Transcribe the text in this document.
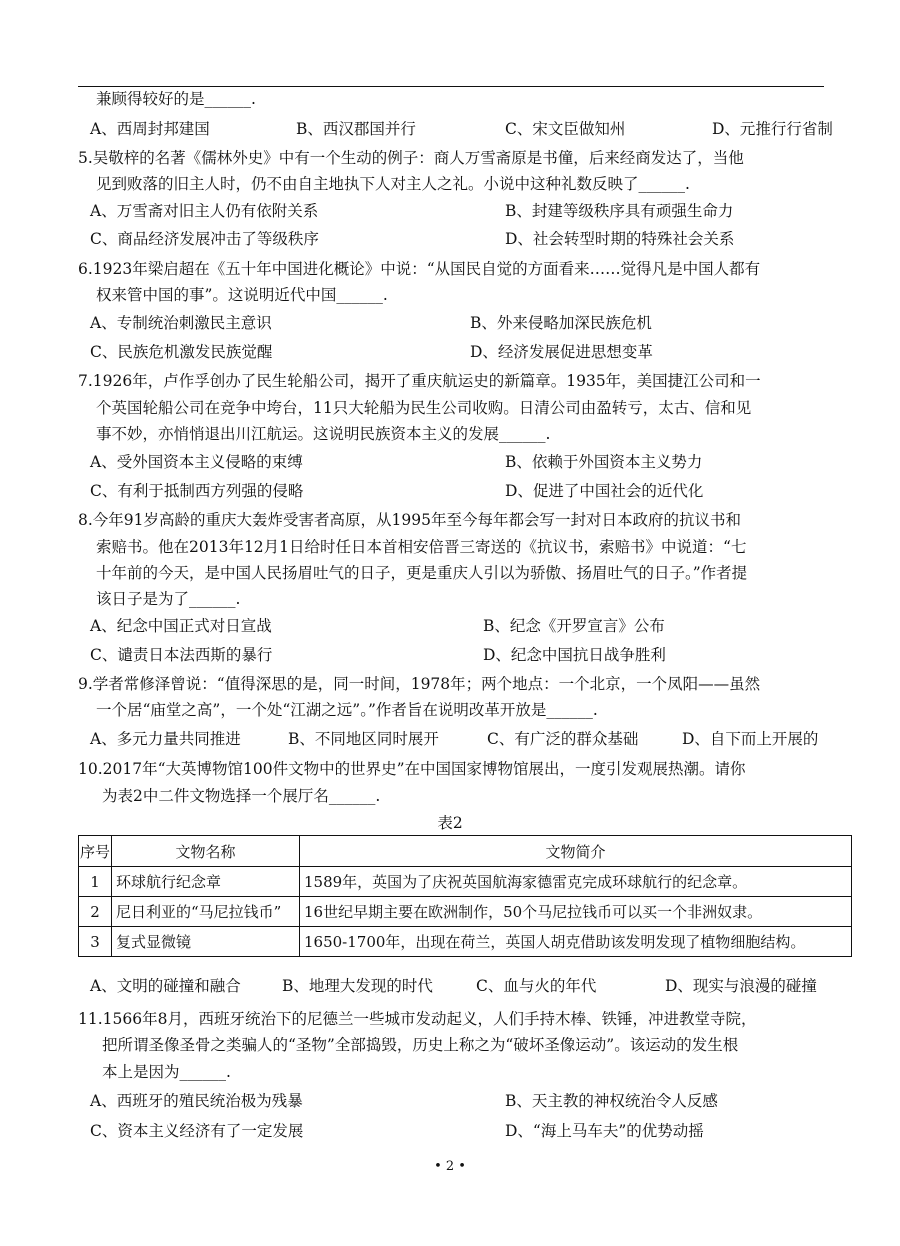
兼顾得较好的是______.
A、西周封邦建国	B、西汉郡国并行	C、宋文臣做知州	D、元推行行省制
5.吴敬梓的名著《儒林外史》中有一个生动的例子：商人万雪斋原是书僮，后来经商发达了，当他
见到败落的旧主人时，仍不由自主地执下人对主人之礼。小说中这种礼数反映了______.
A、万雪斋对旧主人仍有依附关系	B、封建等级秩序具有顽强生命力
C、商品经济发展冲击了等级秩序	D、社会转型时期的特殊社会关系
6.1923年梁启超在《五十年中国进化概论》中说：“从国民自觉的方面看来……觉得凡是中国人都有
权来管中国的事”。这说明近代中国______.
A、专制统治刺激民主意识	B、外来侵略加深民族危机
C、民族危机激发民族觉醒	D、经济发展促进思想变革
7.1926年，卢作孚创办了民生轮船公司，揭开了重庆航运史的新篇章。1935年，美国捷江公司和一
个英国轮船公司在竞争中垮台，11只大轮船为民生公司收购。日清公司由盈转亏，太古、信和见
事不妙，亦悄悄退出川江航运。这说明民族资本主义的发展______.
A、受外国资本主义侵略的束缚	B、依赖于外国资本主义势力
C、有利于抵制西方列强的侵略	D、促进了中国社会的近代化
8.今年91岁高龄的重庆大轰炸受害者高原，从1995年至今每年都会写一封对日本政府的抗议书和
索赔书。他在2013年12月1日给时任日本首相安倍晋三寄送的《抗议书，索赔书》中说道：“七
十年前的今天，是中国人民扬眉吐气的日子，更是重庆人引以为骄傲、扬眉吐气的日子。”作者提
该日子是为了______.
A、纪念中国正式对日宣战	B、纪念《开罗宣言》公布
C、谴责日本法西斯的暴行	D、纪念中国抗日战争胜利
9.学者常修泽曾说：“值得深思的是，同一时间，1978年；两个地点：一个北京，一个凤阳——虽然
一个居“庙堂之高”，一个处“江湖之远”。”作者旨在说明改革开放是______.
A、多元力量共同推进	B、不同地区同时展开	C、有广泛的群众基础	D、自下而上开展的
10.2017年“大英博物馆100件文物中的世界史”在中国国家博物馆展出，一度引发观展热潮。请你
为表2中二件文物选择一个展厅名______.
表2
序号	文物名称	文物简介
1	环球航行纪念章	1589年，英国为了庆祝英国航海家德雷克完成环球航行的纪念章。
2	尼日利亚的“马尼拉钱币”	16世纪早期主要在欧洲制作，50个马尼拉钱币可以买一个非洲奴隶。
3	复式显微镜	1650-1700年，出现在荷兰，英国人胡克借助该发明发现了植物细胞结构。
A、文明的碰撞和融合	B、地理大发现的时代	C、血与火的年代	D、现实与浪漫的碰撞
11.1566年8月，西班牙统治下的尼德兰一些城市发动起义，人们手持木棒、铁锤，冲进教堂寺院，
把所谓圣像圣骨之类骗人的“圣物”全部捣毁，历史上称之为“破坏圣像运动”。该运动的发生根
本上是因为______.
A、西班牙的殖民统治极为残暴	B、天主教的神权统治令人反感
C、资本主义经济有了一定发展	D、“海上马车夫”的优势动摇
• 2 •
